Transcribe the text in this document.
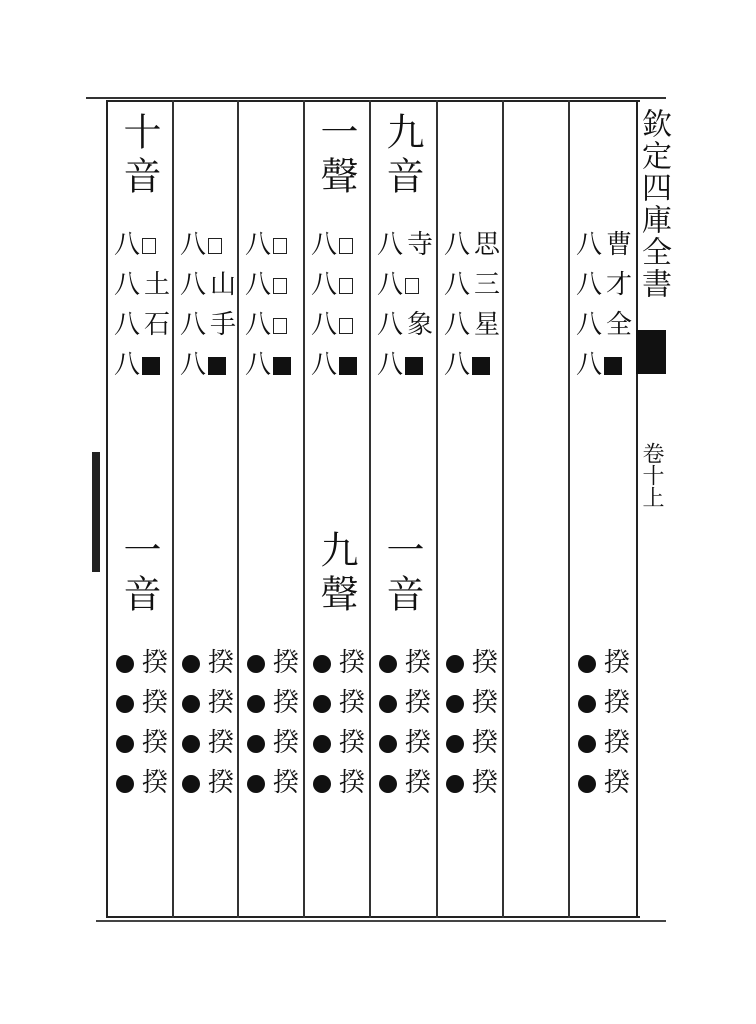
欽定四庫全書
卷十上
十音
八
八 土
八 石
八
一音
揆
揆
揆
揆
八
八 山
八 手
八
揆
揆
揆
揆
八
八
八
八
揆
揆
揆
揆
一聲
八
八
八
八
九聲
揆
揆
揆
揆
九音
八 寺
八
八 象
八
一音
揆
揆
揆
揆
八 思
八 三
八 星
八
揆
揆
揆
揆
八 曹
八 才
八 全
八
揆
揆
揆
揆
